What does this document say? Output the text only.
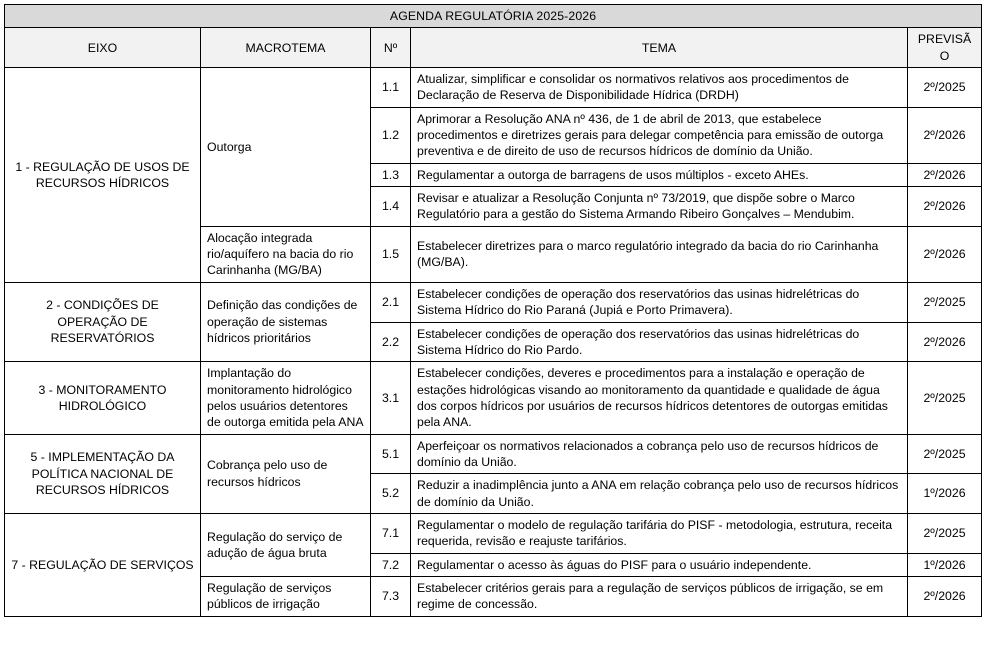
AGENDA REGULATÓRIA 2025-2026				
EIXO	MACROTEMA	Nº	TEMA	PREVISÃO
1 - REGULAÇÃO DE USOS DE RECURSOS HÍDRICOS	Outorga	1.1	Atualizar, simplificar e consolidar os normativos relativos aos procedimentos de Declaração de Reserva de Disponibilidade Hídrica (DRDH)	2º/2025
		1.2	Aprimorar a Resolução ANA nº 436, de 1 de abril de 2013, que estabelece procedimentos e diretrizes gerais para delegar competência para emissão de outorga preventiva e de direito de uso de recursos hídricos de domínio da União.	2º/2026
		1.3	Regulamentar a outorga de barragens de usos múltiplos - exceto AHEs.	2º/2026
		1.4	Revisar e atualizar a Resolução Conjunta nº 73/2019, que dispõe sobre o Marco Regulatório para a gestão do Sistema Armando Ribeiro Gonçalves – Mendubim.	2º/2026
	Alocação integrada rio/aquífero na bacia do rio Carinhanha (MG/BA)	1.5	Estabelecer diretrizes para o marco regulatório integrado da bacia do rio Carinhanha (MG/BA).	2º/2026
2 - CONDIÇÕES DE OPERAÇÃO DE RESERVATÓRIOS	Definição das condições de operação de sistemas hídricos prioritários	2.1	Estabelecer condições de operação dos reservatórios das usinas hidrelétricas do Sistema Hídrico do Rio Paraná (Jupiá e Porto Primavera).	2º/2025
		2.2	Estabelecer condições de operação dos reservatórios das usinas hidrelétricas do Sistema Hídrico do Rio Pardo.	2º/2026
3 - MONITORAMENTO HIDROLÓGICO	Implantação do monitoramento hidrológico pelos usuários detentores de outorga emitida pela ANA	3.1	Estabelecer condições, deveres e procedimentos para a instalação e operação de estações hidrológicas visando ao monitoramento da quantidade e qualidade de água dos corpos hídricos por usuários de recursos hídricos detentores de outorgas emitidas pela ANA.	2º/2025
5 - IMPLEMENTAÇÃO DA POLÍTICA NACIONAL DE RECURSOS HÍDRICOS	Cobrança pelo uso de recursos hídricos	5.1	Aperfeiçoar os normativos relacionados a cobrança pelo uso de recursos hídricos de domínio da União.	2º/2025
		5.2	Reduzir a inadimplência junto a ANA em relação cobrança pelo uso de recursos hídricos de domínio da União.	1º/2026
7 - REGULAÇÃO DE SERVIÇOS	Regulação do serviço de adução de água bruta	7.1	Regulamentar o modelo de regulação tarifária do PISF - metodologia, estrutura, receita requerida, revisão e reajuste tarifários.	2º/2025
		7.2	Regulamentar o acesso às águas do PISF para o usuário independente.	1º/2026
	Regulação de serviços públicos de irrigação	7.3	Estabelecer critérios gerais para a regulação de serviços públicos de irrigação, se em regime de concessão.	2º/2026
